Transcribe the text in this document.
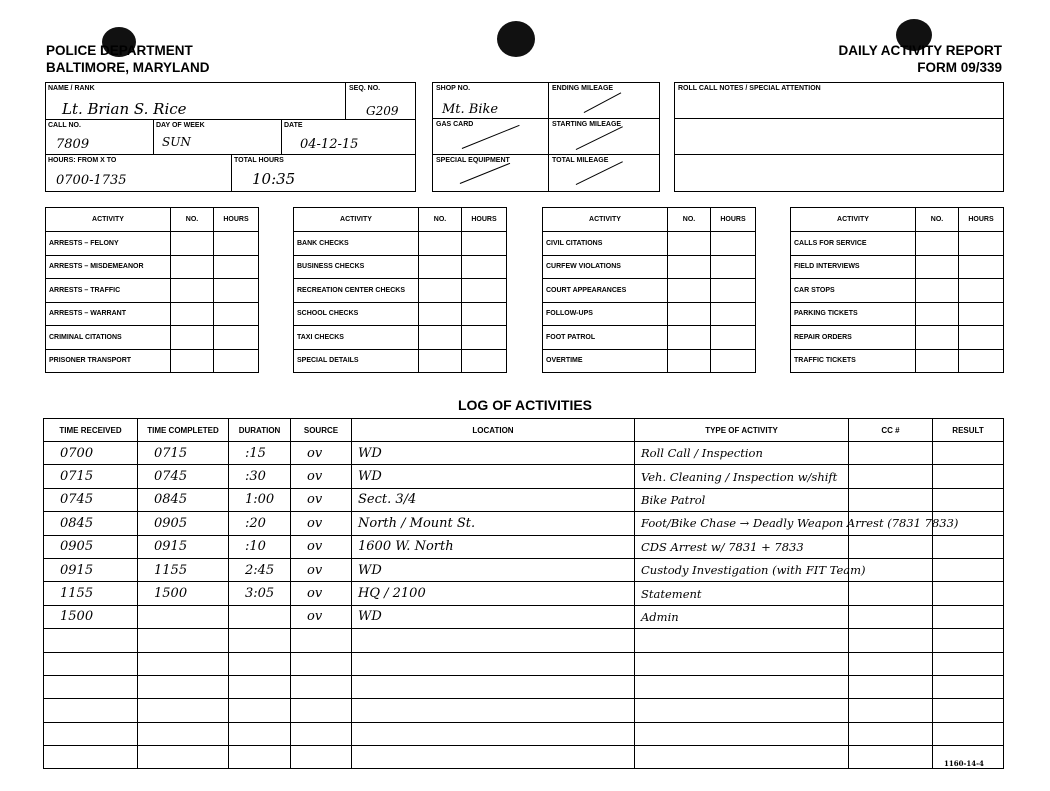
POLICE DEPARTMENT
BALTIMORE, MARYLAND
DAILY ACTIVITY REPORT
FORM 09/339
NAME / RANK
Lt. Brian S. Rice
SEQ. NO.
G209
CALL NO.
7809
DAY OF WEEK
SUN
DATE
04-12-15
HOURS: FROM X TO
0700-1735
TOTAL HOURS
10:35
SHOP NO.
Mt. Bike
ENDING MILEAGE
GAS CARD	STARTING MILEAGE
SPECIAL EQUIPMENT	TOTAL MILEAGE
ROLL CALL NOTES / SPECIAL ATTENTION
ACTIVITY	NO.	HOURS
ARRESTS – FELONY		
ARRESTS – MISDEMEANOR		
ARRESTS – TRAFFIC		
ARRESTS – WARRANT		
CRIMINAL CITATIONS		
PRISONER TRANSPORT		
ACTIVITY	NO.	HOURS
BANK CHECKS		
BUSINESS CHECKS		
RECREATION CENTER CHECKS		
SCHOOL CHECKS		
TAXI CHECKS		
SPECIAL DETAILS		
ACTIVITY	NO.	HOURS
CIVIL CITATIONS		
CURFEW VIOLATIONS		
COURT APPEARANCES		
FOLLOW-UPS		
FOOT PATROL		
OVERTIME		
ACTIVITY	NO.	HOURS
CALLS FOR SERVICE		
FIELD INTERVIEWS		
CAR STOPS		
PARKING TICKETS		
REPAIR ORDERS		
TRAFFIC TICKETS		
LOG OF ACTIVITIES
TIME RECEIVED	TIME COMPLETED	DURATION	SOURCE	LOCATION	TYPE OF ACTIVITY	CC #	RESULT
0700	0715	:15	ov	WD	Roll Call / Inspection		
0715	0745	:30	ov	WD	Veh. Cleaning / Inspection w/shift		
0745	0845	1:00	ov	Sect. 3/4	Bike Patrol		
0845	0905	:20	ov	North / Mount St.	Foot/Bike Chase → Deadly Weapon Arrest (7831 7833)		
0905	0915	:10	ov	1600 W. North	CDS Arrest w/ 7831 + 7833		
0915	1155	2:45	ov	WD	Custody Investigation (with FIT Team)		
1155	1500	3:05	ov	HQ / 2100	Statement		
1500			ov	WD	Admin		

1160-14-4
